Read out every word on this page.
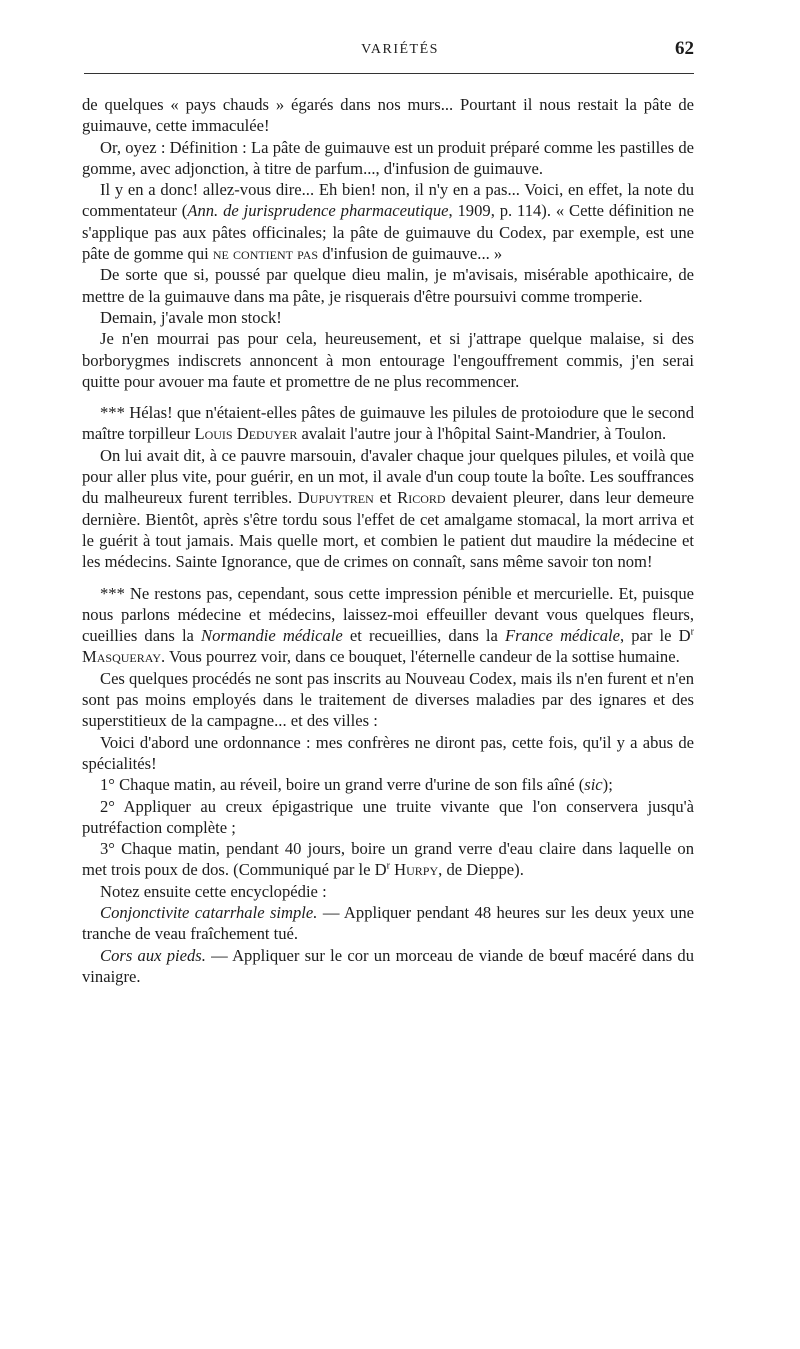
VARIÉTÉS	62

de quelques « pays chauds » égarés dans nos murs... Pourtant il nous restait la pâte de guimauve, cette immaculée!

Or, oyez : Définition : La pâte de guimauve est un produit préparé comme les pastilles de gomme, avec adjonction, à titre de parfum..., d'infusion de guimauve.

Il y en a donc! allez-vous dire... Eh bien! non, il n'y en a pas... Voici, en effet, la note du commentateur (Ann. de jurisprudence pharmaceutique, 1909, p. 114). « Cette définition ne s'applique pas aux pâtes officinales; la pâte de guimauve du Codex, par exemple, est une pâte de gomme qui ne contient pas d'infusion de guimauve... »

De sorte que si, poussé par quelque dieu malin, je m'avisais, misérable apothicaire, de mettre de la guimauve dans ma pâte, je risquerais d'être poursuivi comme tromperie.

Demain, j'avale mon stock!

Je n'en mourrai pas pour cela, heureusement, et si j'attrape quelque malaise, si des borborygmes indiscrets annoncent à mon entourage l'engouffrement commis, j'en serai quitte pour avouer ma faute et promettre de ne plus recommencer.

*** Hélas! que n'étaient-elles pâtes de guimauve les pilules de protoiodure que le second maître torpilleur Louis Deduyer avalait l'autre jour à l'hôpital Saint-Mandrier, à Toulon.

On lui avait dit, à ce pauvre marsouin, d'avaler chaque jour quelques pilules, et voilà que pour aller plus vite, pour guérir, en un mot, il avale d'un coup toute la boîte. Les souffrances du malheureux furent terribles. Dupuytren et Ricord devaient pleurer, dans leur demeure dernière. Bientôt, après s'être tordu sous l'effet de cet amalgame stomacal, la mort arriva et le guérit à tout jamais. Mais quelle mort, et combien le patient dut maudire la médecine et les médecins. Sainte Ignorance, que de crimes on connaît, sans même savoir ton nom!

*** Ne restons pas, cependant, sous cette impression pénible et mercurielle. Et, puisque nous parlons médecine et médecins, laissez-moi effeuiller devant vous quelques fleurs, cueillies dans la Normandie médicale et recueillies, dans la France médicale, par le $D^r$ Masqueray. Vous pourrez voir, dans ce bouquet, l'éternelle candeur de la sottise humaine.

Ces quelques procédés ne sont pas inscrits au Nouveau Codex, mais ils n'en furent et n'en sont pas moins employés dans le traitement de diverses maladies par des ignares et des superstitieux de la campagne... et des villes :

Voici d'abord une ordonnance : mes confrères ne diront pas, cette fois, qu'il y a abus de spécialités!

1° Chaque matin, au réveil, boire un grand verre d'urine de son fils aîné (sic);

2° Appliquer au creux épigastrique une truite vivante que l'on conservera jusqu'à putréfaction complète ;

3° Chaque matin, pendant 40 jours, boire un grand verre d'eau claire dans laquelle on met trois poux de dos. (Communiqué par le $D^r$ Hurpy, de Dieppe).

Notez ensuite cette encyclopédie :

Conjonctivite catarrhale simple. — Appliquer pendant 48 heures sur les deux yeux une tranche de veau fraîchement tué.

Cors aux pieds. — Appliquer sur le cor un morceau de viande de bœuf macéré dans du vinaigre.
